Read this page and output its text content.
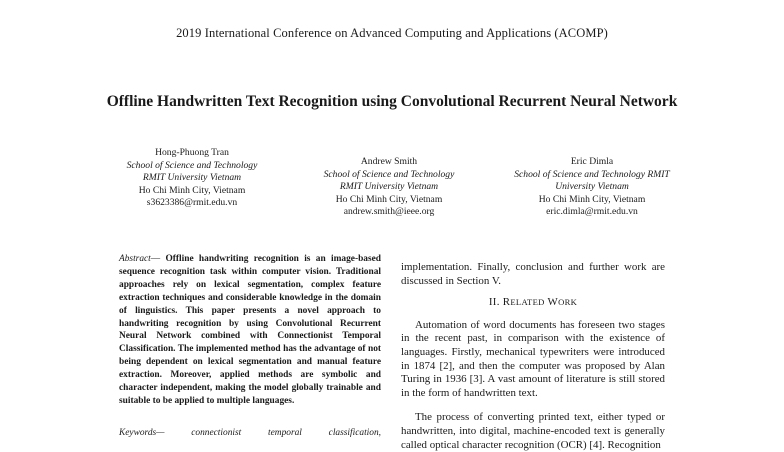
2019 International Conference on Advanced Computing and Applications (ACOMP)
Offline Handwritten Text Recognition using Convolutional Recurrent Neural Network
Hong-Phuong Tran
School of Science and Technology RMIT University Vietnam
Ho Chi Minh City, Vietnam
s3623386@rmit.edu.vn
Andrew Smith
School of Science and Technology RMIT University Vietnam
Ho Chi Minh City, Vietnam
andrew.smith@ieee.org
Eric Dimla
School of Science and Technology RMIT University Vietnam
Ho Chi Minh City, Vietnam
eric.dimla@rmit.edu.vn
Abstract— Offline handwriting recognition is an image-based sequence recognition task within computer vision. Traditional approaches rely on lexical segmentation, complex feature extraction techniques and considerable knowledge in the domain of linguistics. This paper presents a novel approach to handwriting recognition by using Convolutional Recurrent Neural Network combined with Connectionist Temporal Classification. The implemented method has the advantage of not being dependent on lexical segmentation and manual feature extraction. Moreover, applied methods are symbolic and character independent, making the model globally trainable and suitable to be applied to multiple languages.
Keywords— connectionist temporal classification,

implementation. Finally, conclusion and further work are discussed in Section V.

II. RELATED WORK

Automation of word documents has foreseen two stages in the recent past, in comparison with the existence of languages. Firstly, mechanical typewriters were introduced in 1874 [2], and then the computer was proposed by Alan Turing in 1936 [3]. A vast amount of literature is still stored in the form of handwritten text.

The process of converting printed text, either typed or handwritten, into digital, machine-encoded text is generally called optical character recognition (OCR) [4]. Recognition
